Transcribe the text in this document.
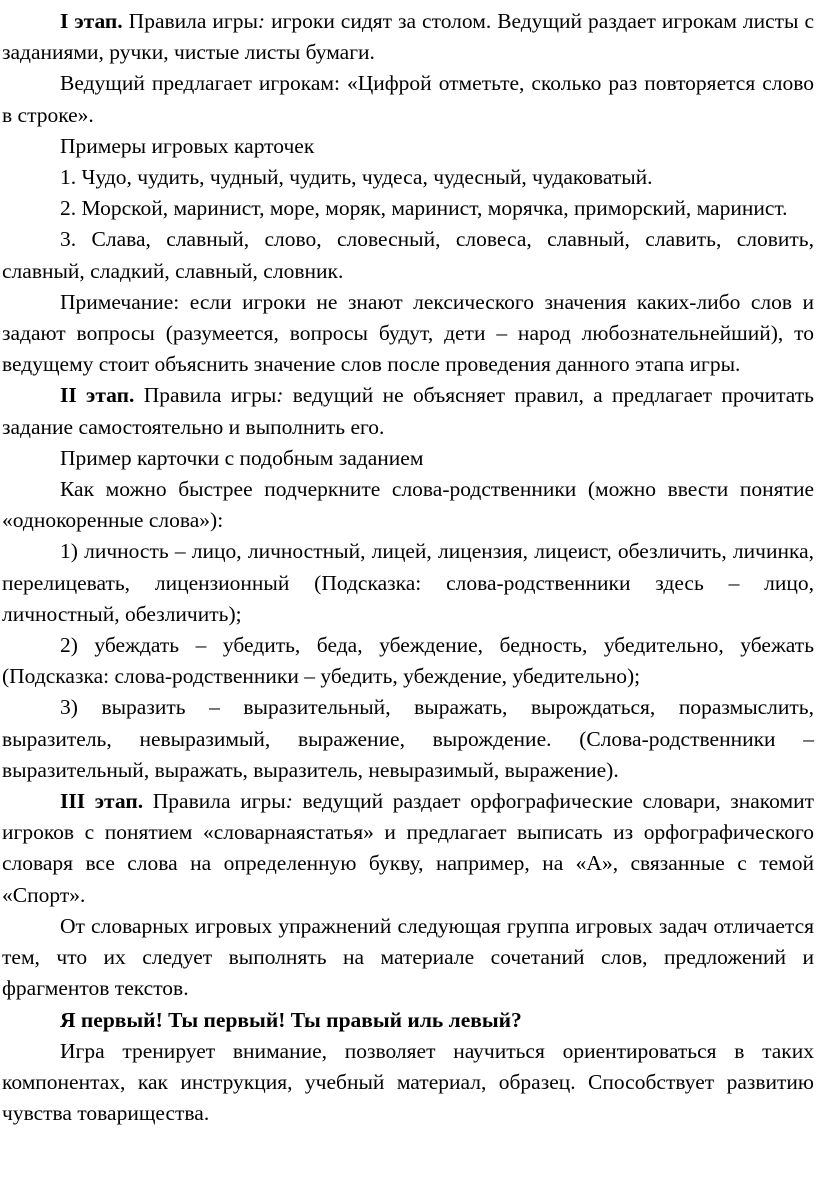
I этап. Правила игры: игроки сидят за столом. Ведущий раздает игрокам листы с заданиями, ручки, чистые листы бумаги.

Ведущий предлагает игрокам: «Цифрой отметьте, сколько раз повторяется слово в строке».

Примеры игровых карточек

1. Чудо, чудить, чудный, чудить, чудеса, чудесный, чудаковатый.

2. Морской, маринист, море, моряк, маринист, морячка, приморский, маринист.

3. Слава, славный, слово, словесный, словеса, славный, славить, словить, славный, сладкий, славный, словник.

Примечание: если игроки не знают лексического значения каких-либо слов и задают вопросы (разумеется, вопросы будут, дети – народ любознательнейший), то ведущему стоит объяснить значение слов после проведения данного этапа игры.

II этап. Правила игры: ведущий не объясняет правил, а предлагает прочитать задание самостоятельно и выполнить его.

Пример карточки с подобным заданием

Как можно быстрее подчеркните слова-родственники (можно ввести понятие «однокоренные слова»):

1) личность – лицо, личностный, лицей, лицензия, лицеист, обезличить, личинка, перелицевать, лицензионный (Подсказка: слова-родственники здесь – лицо, личностный, обезличить);

2) убеждать – убедить, беда, убеждение, бедность, убедительно, убежать (Подсказка: слова-родственники – убедить, убеждение, убедительно);

3) выразить – выразительный, выражать, вырождаться, поразмыслить, выразитель, невыразимый, выражение, вырождение. (Слова-родственники – выразительный, выражать, выразитель, невыразимый, выражение).

III этап. Правила игры: ведущий раздает орфографические словари, знакомит игроков с понятием «словарнаястатья» и предлагает выписать из орфографического словаря все слова на определенную букву, например, на «А», связанные с темой «Спорт».

От словарных игровых упражнений следующая группа игровых задач отличается тем, что их следует выполнять на материале сочетаний слов, предложений и фрагментов текстов.

Я первый! Ты первый! Ты правый иль левый?

Игра тренирует внимание, позволяет научиться ориентироваться в таких компонентах, как инструкция, учебный материал, образец. Способствует развитию чувства товарищества.
